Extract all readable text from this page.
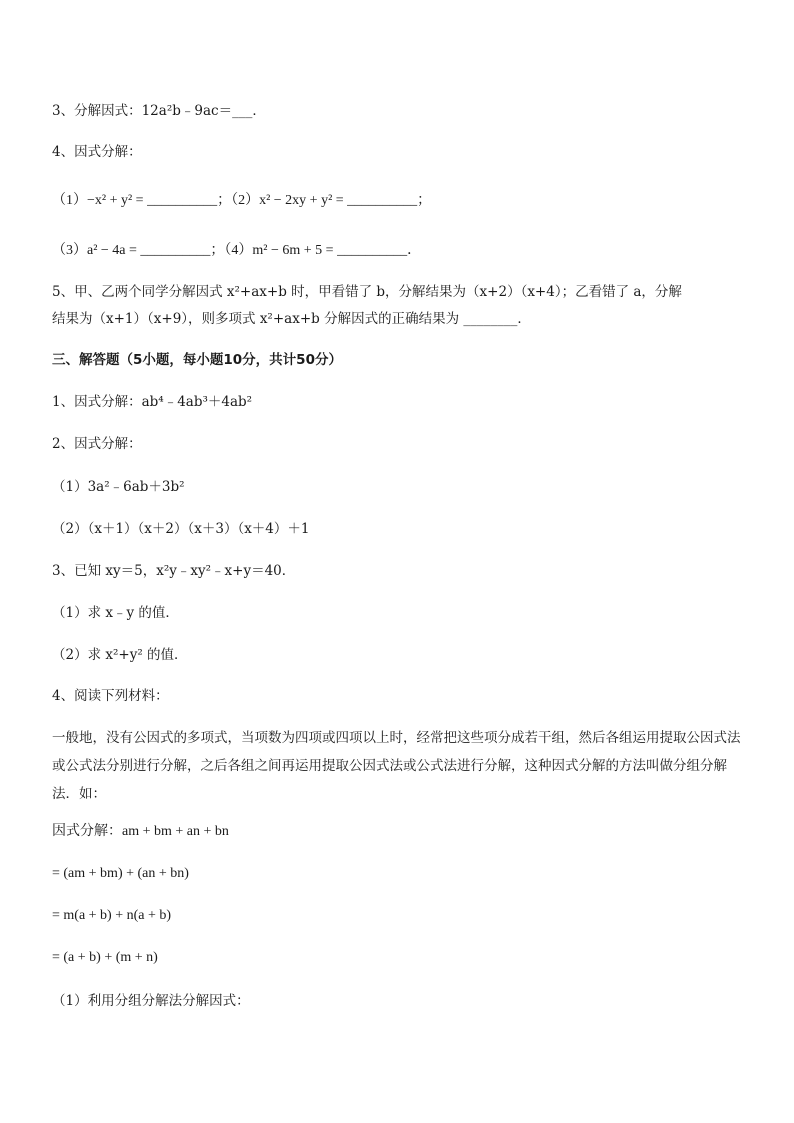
3、分解因式：12a²b﹣9ac＝___．
4、因式分解：
（1）−x² + y² = __________；（2）x² − 2xy + y² = __________；
（3）a² − 4a = __________；（4）m² − 6m + 5 = __________．
5、甲、乙两个同学分解因式 x²+ax+b 时，甲看错了 b，分解结果为（x+2）（x+4）；乙看错了 a，分解
结果为（x+1）（x+9），则多项式 x²+ax+b 分解因式的正确结果为 ________．
三、解答题（5小题，每小题10分，共计50分）
1、因式分解：ab⁴﹣4ab³＋4ab²
2、因式分解：
（1）3a²﹣6ab＋3b²
（2）（x＋1）（x＋2）（x＋3）（x＋4）＋1
3、已知 xy＝5，x²y﹣xy²﹣x+y＝40．
（1）求 x﹣y 的值．
（2）求 x²+y² 的值．
4、阅读下列材料：
一般地，没有公因式的多项式，当项数为四项或四项以上时，经常把这些项分成若干组，然后各组运用提取公因式法或公式法分别进行分解，之后各组之间再运用提取公因式法或公式法进行分解，这种因式分解的方法叫做分组分解法．如：
因式分解：am + bm + an + bn
= (am + bm) + (an + bn)
= m(a + b) + n(a + b)
= (a + b) + (m + n)
（1）利用分组分解法分解因式：
